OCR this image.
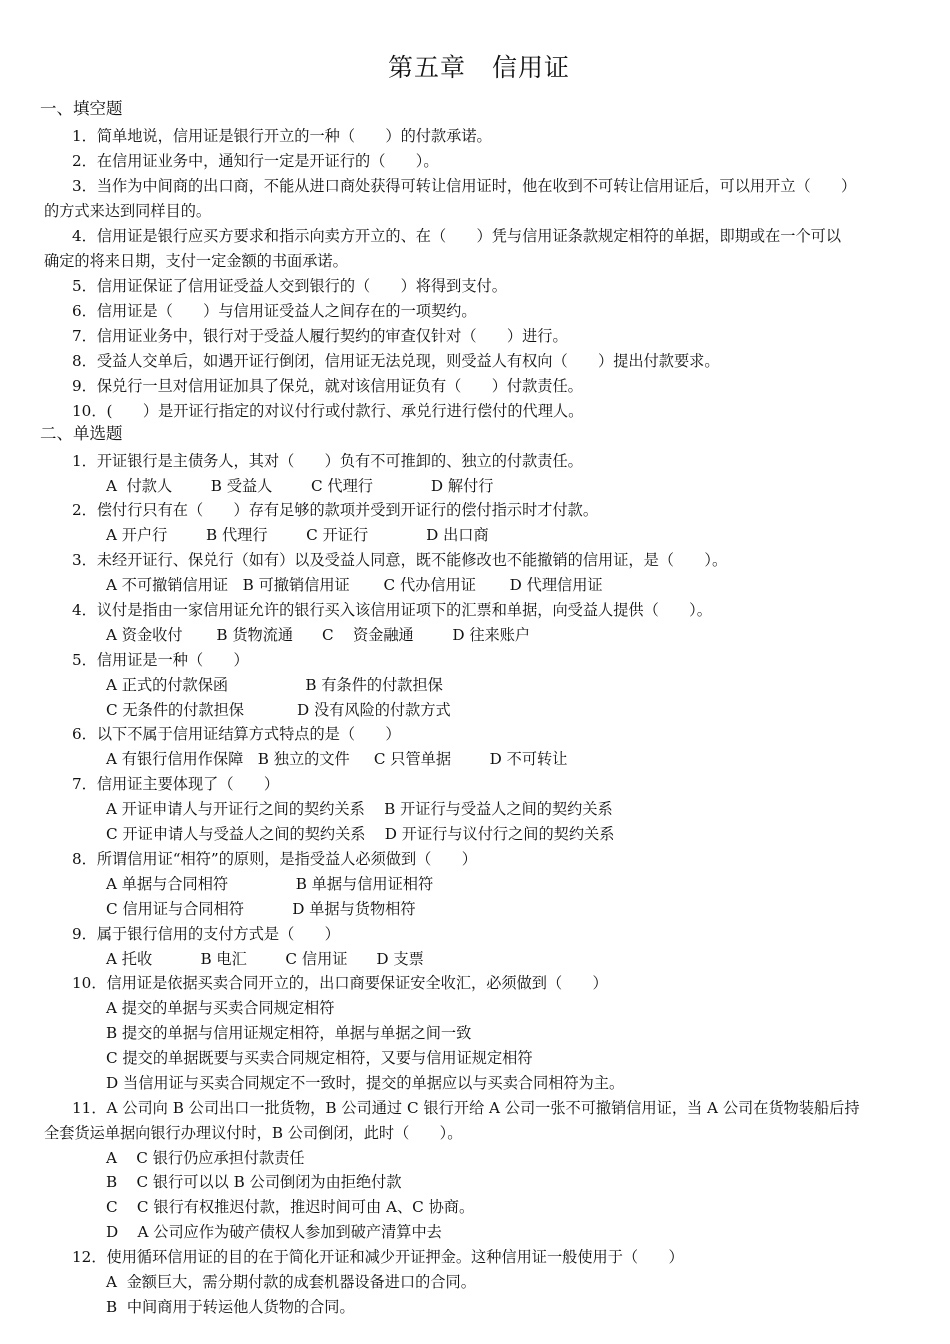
第五章　信用证
一、填空题
1．简单地说，信用证是银行开立的一种（　　）的付款承诺。
2．在信用证业务中，通知行一定是开证行的（　　）。
3．当作为中间商的出口商，不能从进口商处获得可转让信用证时，他在收到不可转让信用证后，可以用开立（　　）
的方式来达到同样目的。
4．信用证是银行应买方要求和指示向卖方开立的、在（　　）凭与信用证条款规定相符的单据，即期或在一个可以
确定的将来日期，支付一定金额的书面承诺。
5．信用证保证了信用证受益人交到银行的（　　）将得到支付。
6．信用证是（　　）与信用证受益人之间存在的一项契约。
7．信用证业务中，银行对于受益人履行契约的审查仅针对（　　）进行。
8．受益人交单后，如遇开证行倒闭，信用证无法兑现，则受益人有权向（　　）提出付款要求。
9．保兑行一旦对信用证加具了保兑，就对该信用证负有（　　）付款责任。
10．(　　）是开证行指定的对议付行或付款行、承兑行进行偿付的代理人。
二、单选题
1．开证银行是主债务人，其对（　　）负有不可推卸的、独立的付款责任。
A  付款人        B 受益人        C 代理行            D 解付行
2．偿付行只有在（　　）存有足够的款项并受到开证行的偿付指示时才付款。
A 开户行        B 代理行        C 开证行            D 出口商
3．未经开证行、保兑行（如有）以及受益人同意，既不能修改也不能撤销的信用证，是（　　）。
A 不可撤销信用证   B 可撤销信用证       C 代办信用证       D 代理信用证
4．议付是指由一家信用证允许的银行买入该信用证项下的汇票和单据，向受益人提供（　　）。
A 资金收付       B 货物流通      C    资金融通        D 往来账户
5．信用证是一种（　　）
A 正式的付款保函                B 有条件的付款担保
C 无条件的付款担保           D 没有风险的付款方式
6．以下不属于信用证结算方式特点的是（　　）
A 有银行信用作保障   B 独立的文件     C 只管单据        D 不可转让
7．信用证主要体现了（　　）
A 开证申请人与开证行之间的契约关系    B 开证行与受益人之间的契约关系
C 开证申请人与受益人之间的契约关系    D 开证行与议付行之间的契约关系
8．所谓信用证“相符”的原则，是指受益人必须做到（　　）
A 单据与合同相符              B 单据与信用证相符
C 信用证与合同相符          D 单据与货物相符
9．属于银行信用的支付方式是（　　）
A 托收          B 电汇        C 信用证      D 支票
10．信用证是依据买卖合同开立的，出口商要保证安全收汇，必须做到（　　）
A 提交的单据与买卖合同规定相符
B 提交的单据与信用证规定相符，单据与单据之间一致
C 提交的单据既要与买卖合同规定相符，又要与信用证规定相符
D 当信用证与买卖合同规定不一致时，提交的单据应以与买卖合同相符为主。
11．A 公司向 B 公司出口一批货物，B 公司通过 C 银行开给 A 公司一张不可撤销信用证，当 A 公司在货物装船后持
全套货运单据向银行办理议付时，B 公司倒闭，此时（　　）。
A    C 银行仍应承担付款责任
B    C 银行可以以 B 公司倒闭为由拒绝付款
C    C 银行有权推迟付款，推迟时间可由 A、C 协商。
D    A 公司应作为破产债权人参加到破产清算中去
12．使用循环信用证的目的在于简化开证和减少开证押金。这种信用证一般使用于（　　）
A  金额巨大，需分期付款的成套机器设备进口的合同。
B  中间商用于转运他人货物的合同。
